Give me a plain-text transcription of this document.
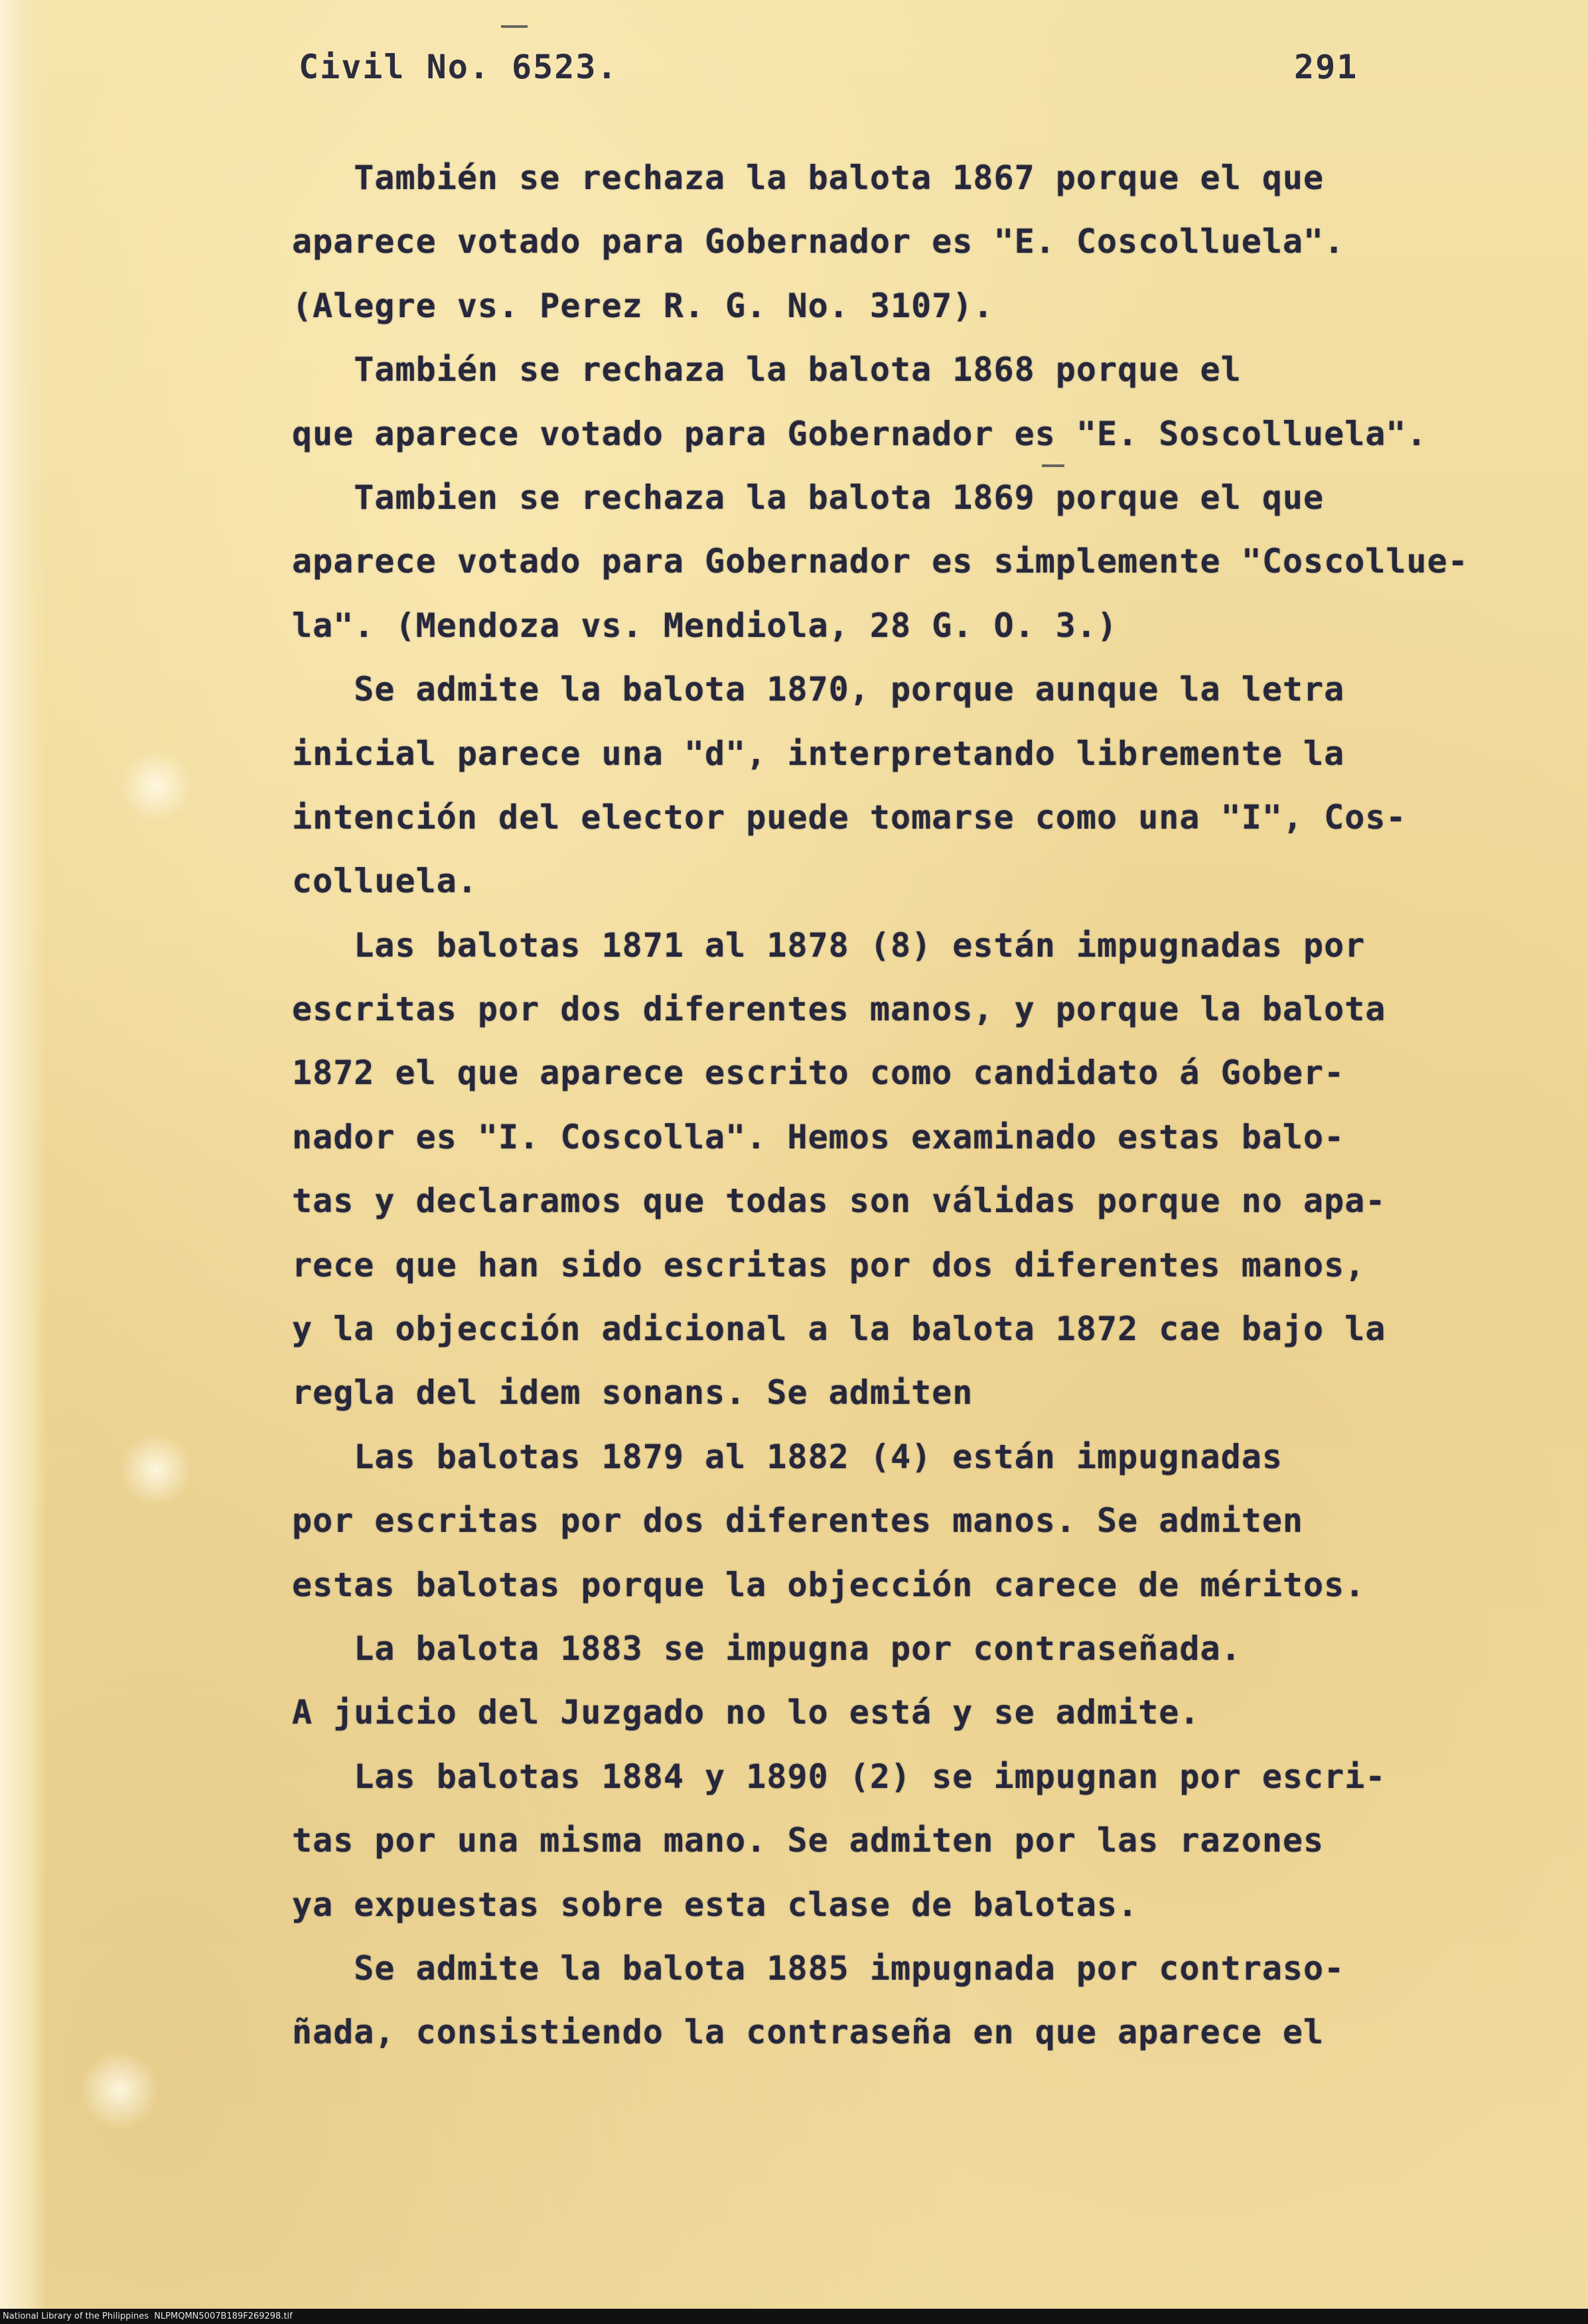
Civil No. 6523.	291
También se rechaza la balota 1867 porque el que
aparece votado para Gobernador es "E. Coscolluela".
(Alegre vs. Perez R. G. No. 3107).
También se rechaza la balota 1868 porque el
que aparece votado para Gobernador es "E. Soscolluela".
Tambien se rechaza la balota 1869 porque el que
aparece votado para Gobernador es simplemente "Coscollue-
la". (Mendoza vs. Mendiola, 28 G. O. 3.)
Se admite la balota 1870, porque aunque la letra
inicial parece una "d", interpretando libremente la
intención del elector puede tomarse como una "I", Cos-
colluela.
Las balotas 1871 al 1878 (8) están impugnadas por
escritas por dos diferentes manos, y porque la balota
1872 el que aparece escrito como candidato á Gober-
nador es "I. Coscolla". Hemos examinado estas balo-
tas y declaramos que todas son válidas porque no apa-
rece que han sido escritas por dos diferentes manos,
y la objección adicional a la balota 1872 cae bajo la
regla del idem sonans. Se admiten
Las balotas 1879 al 1882 (4) están impugnadas
por escritas por dos diferentes manos. Se admiten
estas balotas porque la objección carece de méritos.
La balota 1883 se impugna por contraseñada.
A juicio del Juzgado no lo está y se admite.
Las balotas 1884 y 1890 (2) se impugnan por escri-
tas por una misma mano. Se admiten por las razones
ya expuestas sobre esta clase de balotas.
Se admite la balota 1885 impugnada por contraso-
ñada, consistiendo la contraseña en que aparece el
National Library of the Philippines NLPMQMN5007B189F269298.tif
